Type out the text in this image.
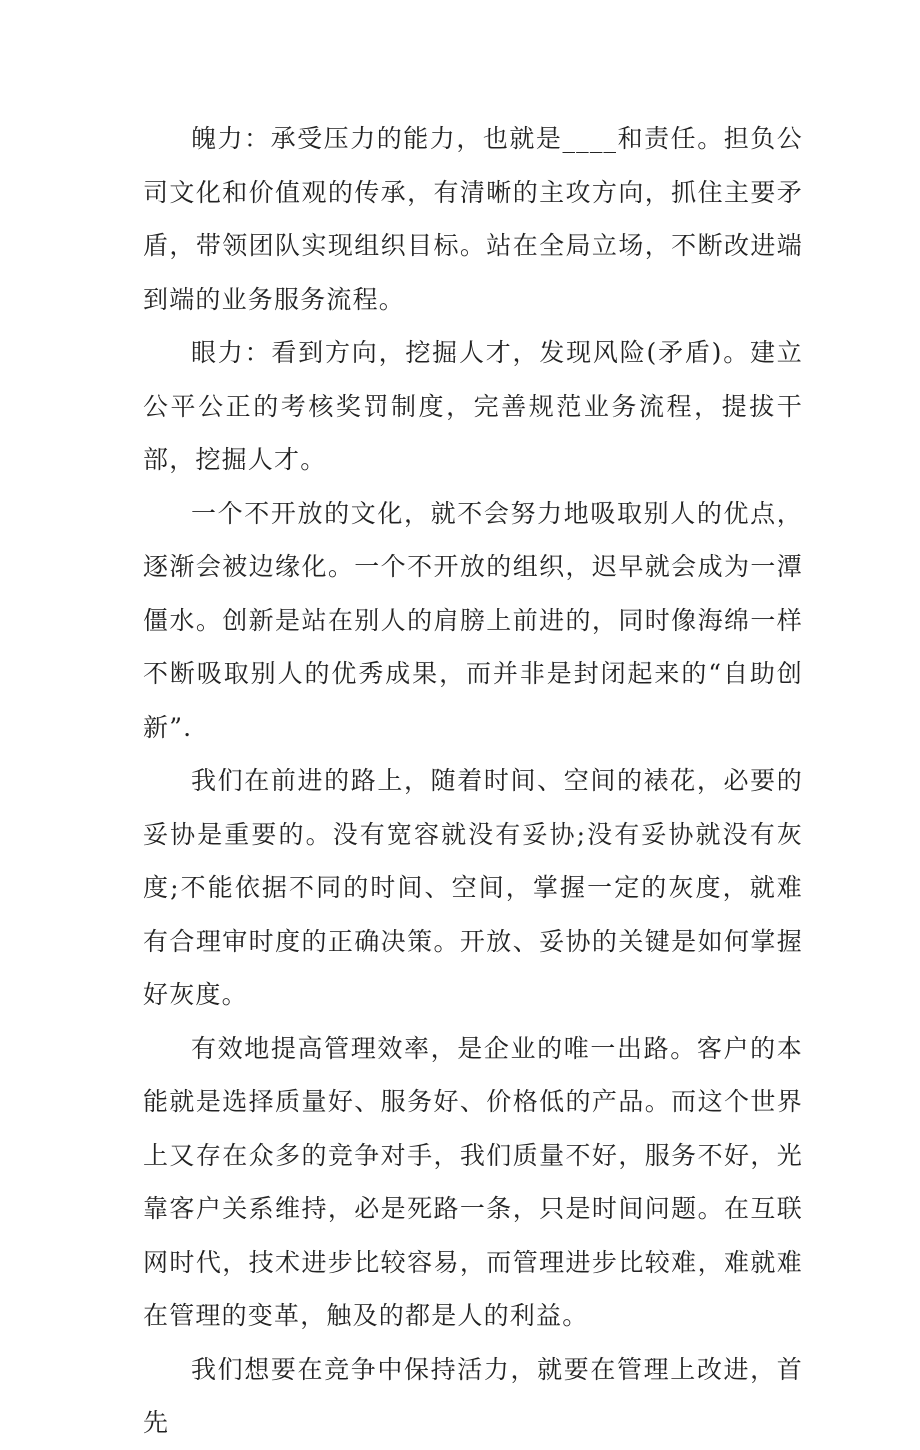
魄力：承受压力的能力，也就是____和责任。担负公司文化和价值观的传承，有清晰的主攻方向，抓住主要矛盾，带领团队实现组织目标。站在全局立场，不断改进端到端的业务服务流程。

眼力：看到方向，挖掘人才，发现风险(矛盾)。建立公平公正的考核奖罚制度，完善规范业务流程，提拔干部，挖掘人才。

一个不开放的文化，就不会努力地吸取别人的优点，逐渐会被边缘化。一个不开放的组织，迟早就会成为一潭僵水。创新是站在别人的肩膀上前进的，同时像海绵一样不断吸取别人的优秀成果，而并非是封闭起来的“自助创新”.

我们在前进的路上，随着时间、空间的裱花，必要的妥协是重要的。没有宽容就没有妥协;没有妥协就没有灰度;不能依据不同的时间、空间，掌握一定的灰度，就难有合理审时度的正确决策。开放、妥协的关键是如何掌握好灰度。

有效地提高管理效率，是企业的唯一出路。客户的本能就是选择质量好、服务好、价格低的产品。而这个世界上又存在众多的竞争对手，我们质量不好，服务不好，光靠客户关系维持，必是死路一条，只是时间问题。在互联网时代，技术进步比较容易，而管理进步比较难，难就难在管理的变革，触及的都是人的利益。

我们想要在竞争中保持活力，就要在管理上改进，首先
